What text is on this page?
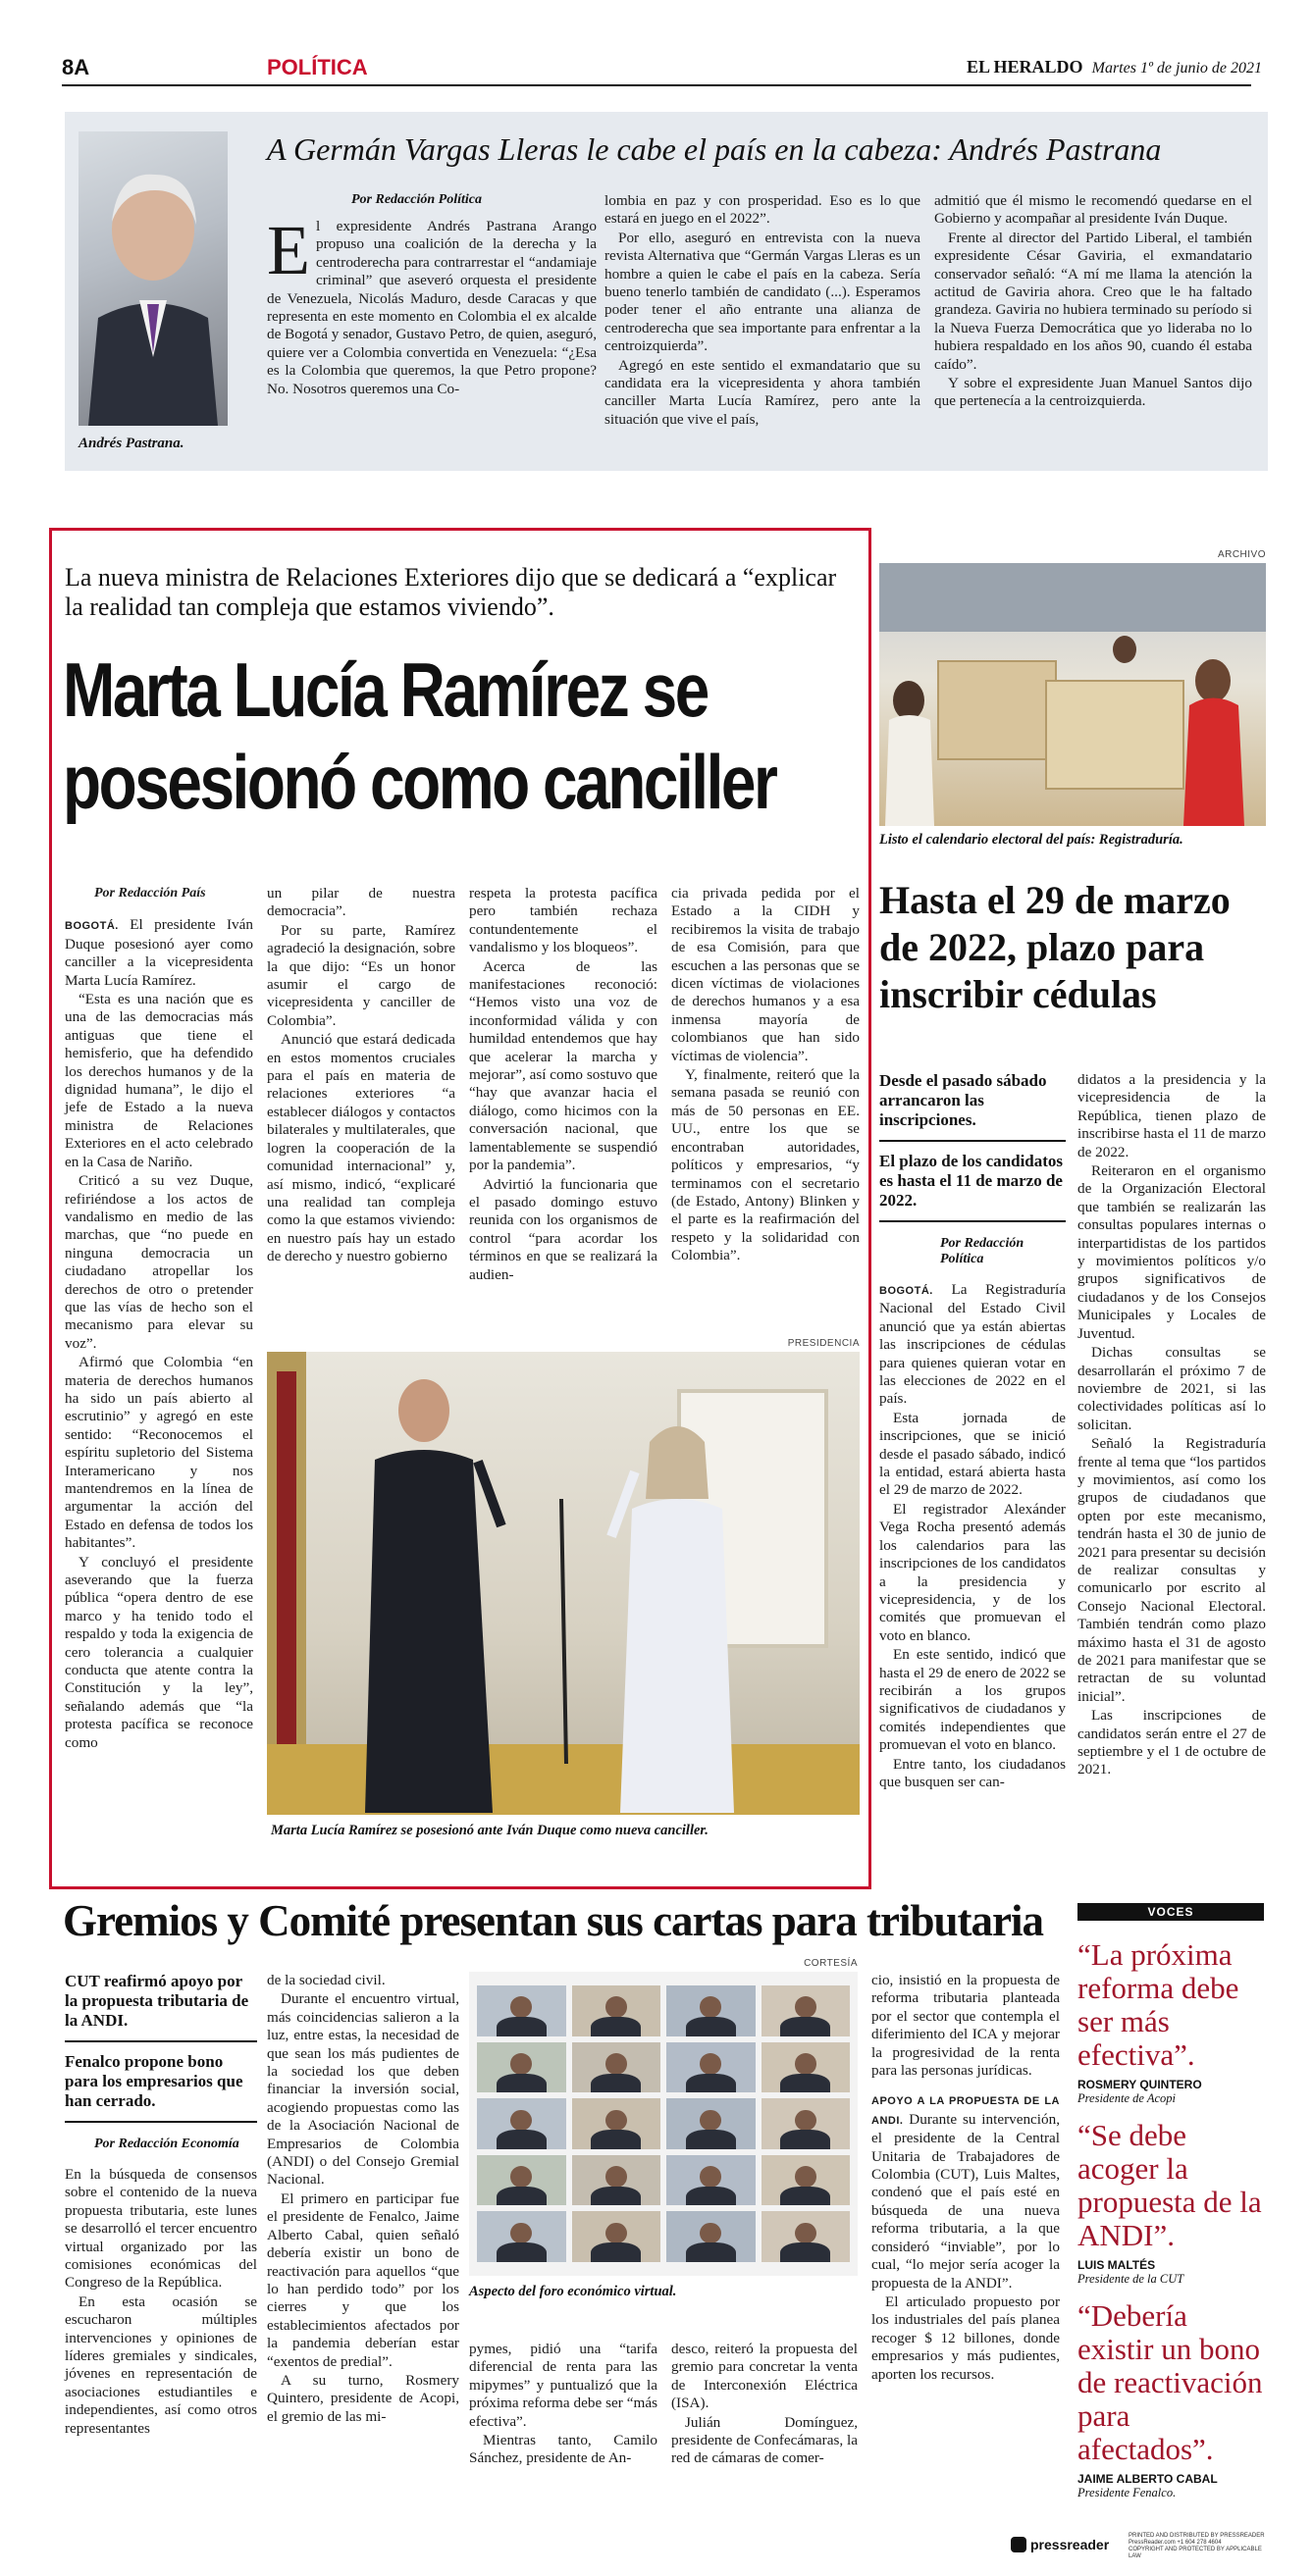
8A	POLÍTICA	EL HERALDO Martes 1º de junio de 2021
Andrés Pastrana.
A Germán Vargas Lleras le cabe el país en la cabeza: Andrés Pastrana
Por Redacción Política
E l expresidente Andrés Pastrana Arango propuso una coalición de la derecha y la centroderecha para contrarrestar el “andamiaje criminal” que aseveró orquesta el presidente de Venezuela, Nicolás Maduro, desde Caracas y que representa en este momento en Colombia el ex alcalde de Bogotá y senador, Gustavo Petro, de quien, aseguró, quiere ver a Colombia convertida en Venezuela: “¿Esa es la Colombia que queremos, la que Petro propone? No. Nosotros queremos una Co-

lombia en paz y con prosperidad. Eso es lo que estará en juego en el 2022”.

Por ello, aseguró en entrevista con la nueva revista Alternativa que “Germán Vargas Lleras es un hombre a quien le cabe el país en la cabeza. Sería bueno tenerlo también de candidato (...). Esperamos poder tener el año entrante una alianza de centroderecha que sea importante para enfrentar a la centroizquierda”.

Agregó en este sentido el exmandatario que su candidata era la vicepresidenta y ahora también canciller Marta Lucía Ramírez, pero ante la situación que vive el país,

admitió que él mismo le recomendó quedarse en el Gobierno y acompañar al presidente Iván Duque.

Frente al director del Partido Liberal, el también expresidente César Gaviria, el exmandatario conservador señaló: “A mí me llama la atención la actitud de Gaviria ahora. Creo que le ha faltado grandeza. Gaviria no hubiera terminado su período si la Nueva Fuerza Democrática que yo lideraba no lo hubiera respaldado en los años 90, cuando él estaba caído”.

Y sobre el expresidente Juan Manuel Santos dijo que pertenecía a la centroizquierda.

La nueva ministra de Relaciones Exteriores dijo que se dedicará a “explicar la realidad tan compleja que estamos viviendo”.
Marta Lucía Ramírez se posesionó como canciller
Por Redacción País

BOGOTÁ. El presidente Iván Duque posesionó ayer como canciller a la vicepresidenta Marta Lucía Ramírez.

“Esta es una nación que es una de las democracias más antiguas que tiene el hemisferio, que ha defendido los derechos humanos y de la dignidad humana”, le dijo el jefe de Estado a la nueva ministra de Relaciones Exteriores en el acto celebrado en la Casa de Nariño.

Criticó a su vez Duque, refiriéndose a los actos de vandalismo en medio de las marchas, que “no puede en ninguna democracia un ciudadano atropellar los derechos de otro o pretender que las vías de hecho son el mecanismo para elevar su voz”.

Afirmó que Colombia “en materia de derechos humanos ha sido un país abierto al escrutinio” y agregó en este sentido: “Reconocemos el espíritu supletorio del Sistema Interamericano y nos mantendremos en la línea de argumentar la acción del Estado en defensa de todos los habitantes”.

Y concluyó el presidente aseverando que la fuerza pública “opera dentro de ese marco y ha tenido todo el respaldo y toda la exigencia de cero tolerancia a cualquier conducta que atente contra la Constitución y la ley”, señalando además que “la protesta pacífica se reconoce como

un pilar de nuestra democracia”.

Por su parte, Ramírez agradeció la designación, sobre la que dijo: “Es un honor asumir el cargo de vicepresidenta y canciller de Colombia”.

Anunció que estará dedicada en estos momentos cruciales para el país en materia de relaciones exteriores “a establecer diálogos y contactos bilaterales y multilaterales, que logren la cooperación de la comunidad internacional” y, así mismo, indicó, “explicaré una realidad tan compleja como la que estamos viviendo: en nuestro país hay un estado de derecho y nuestro gobierno

respeta la protesta pacífica pero también rechaza contundentemente el vandalismo y los bloqueos”.

Acerca de las manifestaciones reconoció: “Hemos visto una voz de inconformidad válida y con humildad entendemos que hay que acelerar la marcha y mejorar”, así como sostuvo que “hay que avanzar hacia el diálogo, como hicimos con la conversación nacional, que lamentablemente se suspendió por la pandemia”.

Advirtió la funcionaria que el pasado domingo estuvo reunida con los organismos de control “para acordar los términos en que se realizará la audien-

cia privada pedida por el Estado a la CIDH y recibiremos la visita de trabajo de esa Comisión, para que escuchen a las personas que se dicen víctimas de violaciones de derechos humanos y a esa inmensa mayoría de colombianos que han sido víctimas de violencia”.

Y, finalmente, reiteró que la semana pasada se reunió con más de 50 personas en EE. UU., entre los que se encontraban autoridades, políticos y empresarios, “y terminamos con el secretario (de Estado, Antony) Blinken y el parte es la reafirmación del respeto y la solidaridad con Colombia”.

PRESIDENCIA
Marta Lucía Ramírez se posesionó ante Iván Duque como nueva canciller.
ARCHIVO
Listo el calendario electoral del país: Registraduría.
Hasta el 29 de marzo de 2022, plazo para inscribir cédulas
Desde el pasado sábado arrancaron las inscripciones.
El plazo de los candidatos es hasta el 11 de marzo de 2022.
Por Redacción Política

BOGOTÁ. La Registraduría Nacional del Estado Civil anunció que ya están abiertas las inscripciones de cédulas para quienes quieran votar en las elecciones de 2022 en el país.

Esta jornada de inscripciones, que se inició desde el pasado sábado, indicó la entidad, estará abierta hasta el 29 de marzo de 2022.

El registrador Alexánder Vega Rocha presentó además los calendarios para las inscripciones de los candidatos a la presidencia y vicepresidencia, y de los comités que promuevan el voto en blanco.

En este sentido, indicó que hasta el 29 de enero de 2022 se recibirán a los grupos significativos de ciudadanos y comités independientes que promuevan el voto en blanco.

Entre tanto, los ciudadanos que busquen ser can-

didatos a la presidencia y la vicepresidencia de la República, tienen plazo de inscribirse hasta el 11 de marzo de 2022.

Reiteraron en el organismo de la Organización Electoral que también se realizarán las consultas populares internas o interpartidistas de los partidos y movimientos políticos y/o grupos significativos de ciudadanos y de los Consejos Municipales y Locales de Juventud.

Dichas consultas se desarrollarán el próximo 7 de noviembre de 2021, si las colectividades políticas así lo solicitan.

Señaló la Registraduría frente al tema que “los partidos y movimientos, así como los grupos de ciudadanos que opten por este mecanismo, tendrán hasta el 30 de junio de 2021 para presentar su decisión de realizar consultas y comunicarlo por escrito al Consejo Nacional Electoral. También tendrán como plazo máximo hasta el 31 de agosto de 2021 para manifestar que se retractan de su voluntad inicial”.

Las inscripciones de candidatos serán entre el 27 de septiembre y el 1 de octubre de 2021.

Gremios y Comité presentan sus cartas para tributaria
CUT reafirmó apoyo por la propuesta tributaria de la ANDI.
Fenalco propone bono para los empresarios que han cerrado.
Por Redacción Economía

En la búsqueda de consensos sobre el contenido de la nueva propuesta tributaria, este lunes se desarrolló el tercer encuentro virtual organizado por las comisiones económicas del Congreso de la República.

En esta ocasión se escucharon múltiples intervenciones y opiniones de líderes gremiales y sindicales, jóvenes en representación de asociaciones estudiantiles e independientes, así como otros representantes

de la sociedad civil.

Durante el encuentro virtual, más coincidencias salieron a la luz, entre estas, la necesidad de que sean los más pudientes de la sociedad los que deben financiar la inversión social, acogiendo propuestas como las de la Asociación Nacional de Empresarios de Colombia (ANDI) o del Consejo Gremial Nacional.

El primero en participar fue el presidente de Fenalco, Jaime Alberto Cabal, quien señaló debería existir un bono de reactivación para aquellos “que lo han perdido todo” por los cierres y que los establecimientos afectados por la pandemia deberían estar “exentos de predial”.

A su turno, Rosmery Quintero, presidente de Acopi, el gremio de las mi-

CORTESÍA
Aspecto del foro económico virtual.

pymes, pidió una “tarifa diferencial de renta para las mipymes” y puntualizó que la próxima reforma debe ser “más efectiva”.

Mientras tanto, Camilo Sánchez, presidente de An-

desco, reiteró la propuesta del gremio para concretar la venta de Interconexión Eléctrica (ISA).

Julián Domínguez, presidente de Confecámaras, la red de cámaras de comer-

cio, insistió en la propuesta de reforma tributaria planteada por el sector que contempla el diferimiento del ICA y mejorar la progresividad de la renta para las personas jurídicas.

APOYO A LA PROPUESTA DE LA ANDI. Durante su intervención, el presidente de la Central Unitaria de Trabajadores de Colombia (CUT), Luis Maltes, condenó que el país esté en búsqueda de una nueva reforma tributaria, a la que consideró “inviable”, por lo cual, “lo mejor sería acoger la propuesta de la ANDI”.

El articulado propuesto por los industriales del país planea recoger $ 12 billones, donde empresarios y más pudientes, aporten los recursos.

VOCES
“La próxima reforma debe ser más efectiva”.
ROSMERY QUINTERO
Presidente de Acopi
“Se debe acoger la propuesta de la ANDI”.
LUIS MALTÉS
Presidente de la CUT
“Debería existir un bono de reactivación para afectados”.
JAIME ALBERTO CABAL
Presidente Fenalco.
pressreader
PRINTED AND DISTRIBUTED BY PRESSREADER
PressReader.com +1 604 278 4604
COPYRIGHT AND PROTECTED BY APPLICABLE LAW
